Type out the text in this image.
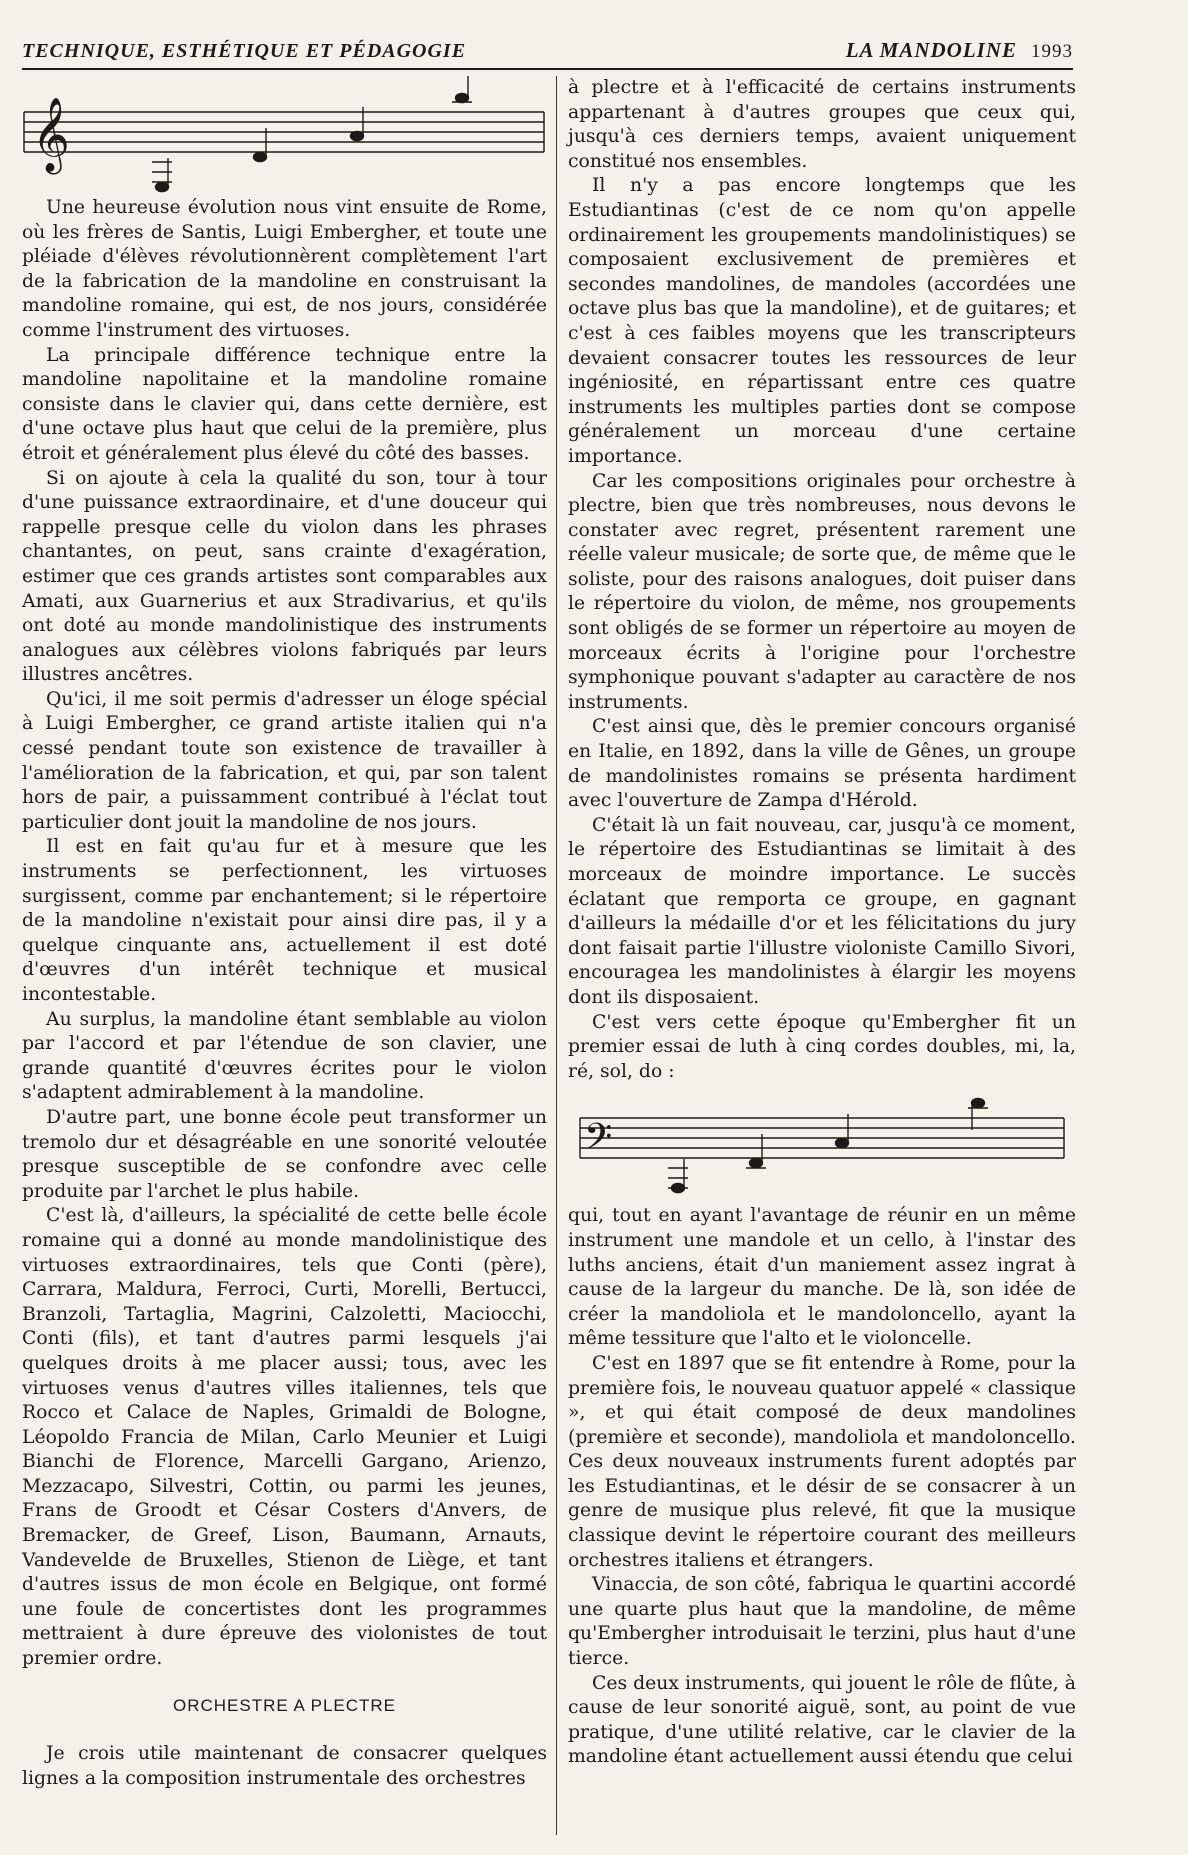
TECHNIQUE, ESTHÉTIQUE ET PÉDAGOGIE	LA MANDOLINE 1993
𝄞

Une heureuse évolution nous vint ensuite de Rome, où les frères de Santis, Luigi Embergher, et toute une pléiade d'élèves révolutionnèrent complètement l'art de la fabrication de la mandoline en construisant la mandoline romaine, qui est, de nos jours, considérée comme l'instrument des virtuoses.

La principale différence technique entre la mandoline napolitaine et la mandoline romaine consiste dans le clavier qui, dans cette dernière, est d'une octave plus haut que celui de la première, plus étroit et généralement plus élevé du côté des basses.

Si on ajoute à cela la qualité du son, tour à tour d'une puissance extraordinaire, et d'une douceur qui rappelle presque celle du violon dans les phrases chantantes, on peut, sans crainte d'exagération, estimer que ces grands artistes sont comparables aux Amati, aux Guarnerius et aux Stradivarius, et qu'ils ont doté au monde mandolinistique des instruments analogues aux célèbres violons fabriqués par leurs illustres ancêtres.

Qu'ici, il me soit permis d'adresser un éloge spécial à Luigi Embergher, ce grand artiste italien qui n'a cessé pendant toute son existence de travailler à l'amélioration de la fabrication, et qui, par son talent hors de pair, a puissamment contribué à l'éclat tout particulier dont jouit la mandoline de nos jours.

Il est en fait qu'au fur et à mesure que les instruments se perfectionnent, les virtuoses surgissent, comme par enchantement; si le répertoire de la mandoline n'existait pour ainsi dire pas, il y a quelque cinquante ans, actuellement il est doté d'œuvres d'un intérêt technique et musical incontestable.

Au surplus, la mandoline étant semblable au violon par l'accord et par l'étendue de son clavier, une grande quantité d'œuvres écrites pour le violon s'adaptent admirablement à la mandoline.

D'autre part, une bonne école peut transformer un tremolo dur et désagréable en une sonorité veloutée presque susceptible de se confondre avec celle produite par l'archet le plus habile.

C'est là, d'ailleurs, la spécialité de cette belle école romaine qui a donné au monde mandolinistique des virtuoses extraordinaires, tels que Conti (père), Carrara, Maldura, Ferroci, Curti, Morelli, Bertucci, Branzoli, Tartaglia, Magrini, Calzoletti, Maciocchi, Conti (fils), et tant d'autres parmi lesquels j'ai quelques droits à me placer aussi; tous, avec les virtuoses venus d'autres villes italiennes, tels que Rocco et Calace de Naples, Grimaldi de Bologne, Léopoldo Francia de Milan, Carlo Meunier et Luigi Bianchi de Florence, Marcelli Gargano, Arienzo, Mezzacapo, Silvestri, Cottin, ou parmi les jeunes, Frans de Groodt et César Costers d'Anvers, de Bremacker, de Greef, Lison, Baumann, Arnauts, Vandevelde de Bruxelles, Stienon de Liège, et tant d'autres issus de mon école en Belgique, ont formé une foule de concertistes dont les programmes mettraient à dure épreuve des violonistes de tout premier ordre.

ORCHESTRE A PLECTRE

Je crois utile maintenant de consacrer quelques lignes a la composition instrumentale des orchestres

à plectre et à l'efficacité de certains instruments appartenant à d'autres groupes que ceux qui, jusqu'à ces derniers temps, avaient uniquement constitué nos ensembles.

Il n'y a pas encore longtemps que les Estudiantinas (c'est de ce nom qu'on appelle ordinairement les groupements mandolinistiques) se composaient exclusivement de premières et secondes mandolines, de mandoles (accordées une octave plus bas que la mandoline), et de guitares; et c'est à ces faibles moyens que les transcripteurs devaient consacrer toutes les ressources de leur ingéniosité, en répartissant entre ces quatre instruments les multiples parties dont se compose généralement un morceau d'une certaine importance.

Car les compositions originales pour orchestre à plectre, bien que très nombreuses, nous devons le constater avec regret, présentent rarement une réelle valeur musicale; de sorte que, de même que le soliste, pour des raisons analogues, doit puiser dans le répertoire du violon, de même, nos groupements sont obligés de se former un répertoire au moyen de morceaux écrits à l'origine pour l'orchestre symphonique pouvant s'adapter au caractère de nos instruments.

C'est ainsi que, dès le premier concours organisé en Italie, en 1892, dans la ville de Gênes, un groupe de mandolinistes romains se présenta hardiment avec l'ouverture de Zampa d'Hérold.

C'était là un fait nouveau, car, jusqu'à ce moment, le répertoire des Estudiantinas se limitait à des morceaux de moindre importance. Le succès éclatant que remporta ce groupe, en gagnant d'ailleurs la médaille d'or et les félicitations du jury dont faisait partie l'illustre violoniste Camillo Sivori, encouragea les mandolinistes à élargir les moyens dont ils disposaient.

C'est vers cette époque qu'Embergher fit un premier essai de luth à cinq cordes doubles, mi, la, ré, sol, do :

𝄢

qui, tout en ayant l'avantage de réunir en un même instrument une mandole et un cello, à l'instar des luths anciens, était d'un maniement assez ingrat à cause de la largeur du manche. De là, son idée de créer la mandoliola et le mandoloncello, ayant la même tessiture que l'alto et le violoncelle.

C'est en 1897 que se fit entendre à Rome, pour la première fois, le nouveau quatuor appelé « classique », et qui était composé de deux mandolines (première et seconde), mandoliola et mandoloncello. Ces deux nouveaux instruments furent adoptés par les Estudiantinas, et le désir de se consacrer à un genre de musique plus relevé, fit que la musique classique devint le répertoire courant des meilleurs orchestres italiens et étrangers.

Vinaccia, de son côté, fabriqua le quartini accordé une quarte plus haut que la mandoline, de même qu'Embergher introduisait le terzini, plus haut d'une tierce.

Ces deux instruments, qui jouent le rôle de flûte, à cause de leur sonorité aiguë, sont, au point de vue pratique, d'une utilité relative, car le clavier de la mandoline étant actuellement aussi étendu que celui
